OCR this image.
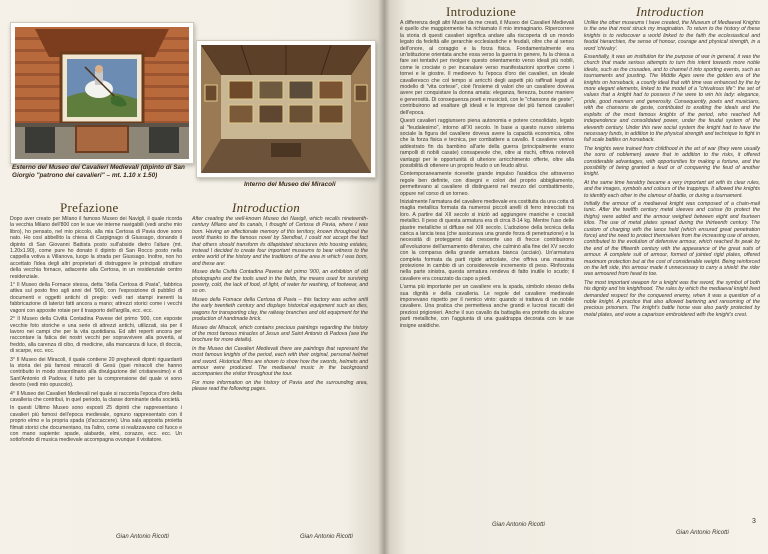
Esterno del Museo dei Cavalieri Medievali (dipinto di San Giorgio "patrono dei cavalieri" – mt. 1.10 x 1.50)
Interno del Museo dei Miracoli
Prefazione	Introduction

Dopo aver creato per Milano il famoso Museo dei Navigli, il quale ricorda la vecchia Milano dell'800 con le sue vie interne navigabili (vedi anche mio libro), ho pensato, nel mio piccolo, alla mia Certosa di Pavia dove sono nato. Ho così abbellito la chiesa di Carpignago di Giussago, donando il dipinto di San Giovanni Battista posto sull'abside dietro l'altare (mt. 1.20x1.90), come pure ho donato il dipinto di San Rocco posto nella cappella votiva a Villanova, luogo la strada per Giussago. Inoltre, non ho accettato l'idea degli altri proprietari di distruggere le principali strutture della vecchia fornace, adiacente alla Certosa, in un residenziale centro residenziale.

1° Il Museo della Fornace stessa, detta "della Certosa di Pavia", fabbrica attiva sul posto fino agli anni del '900, con l'esposizione di pubblici di documenti e oggetti antichi di pregio: vedi rari stampi inerenti la fabbricazione di laterizi fatti ancora a mano; attrezzi storici come i vecchi vagoni con apposite rotaie per il trasporto dell'argilla, ecc. ecc.

2° Il Museo della Civiltà Contadina Pavese del primo '900, con esposte vecchie foto storiche e una serie di attrezzi antichi, utilizzati, sia per il lavoro nei campi che per la vita quotidiana. Ed altri reperti ancora per raccontare la fatica dei nostri vecchi per sopravvivere alla povertà, al freddo, alla carenza di cibo, di medicine, alla mancanza di luce, di doccia, di scarpe, ecc. ecc.

3° Il Museo dei Miracoli, il quale contiene 20 preghevoli dipinti riguardanti la storia dei più famosi miracoli di Gesù (quei miracoli che hanno contribuito in modo straordinario alla divulgazione del cristianesimo) e di Sant'Antonio di Padova; il tutto per la comprensione del quale vi sono devoto (vedi mio opuscolo).

4° Il Museo dei Cavalieri Medievali nel quale si racconta l'epoca d'oro della cavalleria che contribuì, in quel periodo, la classe dominante della società.

In questi Ultimo Museo sono esposti 25 dipinti che rappresentano i cavalieri più famosi dell'epoca medievale, ognuno rappresentato con il proprio elmo e la propria spada (d'accaccere). Una sala apposita proietta filmati storici che documentano, tra l'altro, come si realizzavano col fuoco e con mano sapiente: spade, alabarde, elmi, corazze, ecc. ecc. Un sottofondo di musica medievale accompagna ovunque il visitatore.

Gian Antonio Ricotti

After creating the well-known Museo dei Navigli, which recalls nineteenth-century Milano and its canals, I thought of Certosa di Pavia, where I was born. Having an affectionate memory of this territory, known throughout the world thanks to the famous novel by Stendhal, I could not accept the fact that others should transform its dilapidated structures into housing estates, instead I decided to create four important museums to bear witness to the entire world of the history and the traditions of the area in which I was born, and these are:

Museo della Civiltà Contadina Pavese del primo '900, an exhibition of old photographs and the tools used in the fields, the means used for surviving poverty, cold, the lack of food, of light, of water for washing, of footwear, and so on.

Museo della Fornace della Certosa di Pavia – this factory was active until the early twentieth century and displays historical equipment such as dies, wagons for transporting clay, the railway branches and old equipment for the production of handmade brick.

Museo dei Miracoli, which contains precious paintings regarding the history of the most famous miracles of Jesus and Saint Antonio di Padova (see the brochure for more details).

In the Museo dei Cavalieri Medievali there are paintings that represent the most famous knights of the period, each with their original, personal helmet and sword. Historical films are shown to show how the swords, helmets and armour were produced. The mediaeval music in the background accompanies the visitor throughout the tour.

For more information on the history of Pavia and the surrounding area, please read the following pages.

Gian Antonio Ricotti
Introduzione	Introduction

A differenza degli altri Musei da me creati, il Museo dei Cavalieri Medievali è quello che maggiormente ha richiamato il mio immaginario. Ripercorrere la storia di questi cavalieri significa andare alla riscoperta di un mondo legato da fedeltà alle gerarchie ecclesiastiche e feudali, oltre che al senso dell'onore, al coraggio e la forza fisica. Fondamentalmente era un'istituzione orientata anche essa verso la guerra in genere, fu la chiesa a fare sei tentativi per rivolgere questo orientamento verso ideali più nobili, come le crociate o per incanalare verso manifestazioni sportive come i tornei e le giostre. Il medioevo fu l'epoca d'oro dei cavalieri, un ideale cavalleresco che col tempo si arricchì degli aspetti più raffinati legati al modello di "vita cortese", cioè l'insieme di valori che un cavaliere doveva avere per conquistare la donna amata: eleganza, fierezza, buone maniere e generosità. Di conseguenza poeti e musicisti, con le "chansons de geste", contribuirono ad esaltare gli ideali e le imprese dei più famosi cavalieri dell'epoca.

Questi cavalieri raggiunsero piena autonomia e potere consolidato, legato al "feudalesimo", intorno all'XI secolo. In base a questo nuovo sistema sociale la figura del cavaliere doveva avere la capacità economica, oltre che la forza fisica e tecnica, per combattere a cavallo. Il cavaliere veniva addestrato fin da bambino all'arte della guerra (principalmente erano rampolli di nobili casate) consapevole che, oltre ai rischi, offriva notevoli vantaggi per le opportunità di ulteriore arricchimento offerte, oltre alla possibilità di ottenere un proprio feudo o un feudo altrui.

Contemporaneamente ricevette grande impulso l'araldica che attraverso regole ben definite, con disegni e colori del proprio abbigliamento, permettevano al cavaliere di distinguersi nel mezzo del combattimento, oppure nel corso di un torneo.

Inizialmente l'armatura del cavaliere medievale era costituita da una cotta di maglia metallica formata da numerosi piccoli anelli di ferro intrecciati tra loro. A partire dal XII secolo si iniziò ad aggiungere maniche e cosciali metallici. Il peso di questa armatura era di circa 8-14 kg. Mentre l'uso delle piastre metalliche si diffuse nel XIII secolo. L'adozione della tecnica della carica a lancia tesa (che assicurava una grande forza di penetrazione) e la necessità di proteggersi dal crescente uso di frecce contribuirono all'evoluzione dell'armamento difensivo, che culminò alla fine del XV secolo con la comparsa della grande armatura bianca (acciaio). Un'armatura completa formata da parti rigide articolate, che offriva una massima protezione in cambio di un considerevole incremento di peso. Rinforzata nella parte sinistra, questa armatura rendeva di fatto inutile lo scudo; il cavaliere era corazzato da capo a piedi.

L'arma più importante per un cavaliere era la spada, simbolo stesso della sua dignità e della cavalleria. Le regole del cavaliere medievale imponevano rispetto per il nemico vinto: quando si trattava di un nobile cavaliere. Una pratica che permetteva anche grandi e lucrosi riscatti dei preziosi prigionieri. Anche il suo cavallo da battaglia era protetto da alcune parti metalliche, con l'aggiunta di una gualdrappa decorata con le sue insigne araldiche.

Gian Antonio Ricotti

Unlike the other museums I have created, the Museum of Mediaeval Knights is the one that most struck my imagination. To return to the history of these knights is to rediscover a world linked to the faith the ecclesiastical and feudal hierarchies, the sense of honour, courage and physical strength, in a word 'chivalry'.

Essentially, it was an institution for the purpose of war in general, it was the church that made serious attempts to turn this intent towards more noble ideals, such as the crusades, and to channel it into sporting events, such as tournaments and jousting. The Middle Ages were the golden era of the knights on horseback, a courtly ideal that with time was enhanced by the by more elegant elements, linked to the model of a "chivalrous life": the set of values that a knight had to possess if he were to win his lady: elegance, pride, good manners and generosity. Consequently, poets and musicians, with the chansons de geste, contributed to exalting the ideals and the exploits of the most famous knights of the period, who reached full independence and consolidated power, under the feudal system of the eleventh century. Under this new social system the knight had to have the necessary funds, in addition to the physical strength and technique to fight in full scale battles on horseback.

The knights were trained from childhood in the art of war (they were usually the sons of noblemen) aware that in addition to the risks, it offered considerable advantages, with opportunities for making a fortune, and the possibility of being granted a feud or of conquering the feud of another knight.

At the same time heraldry became a very important art with its clear rules, and the images, symbols and colours of the trappings. It allowed the knights to identify each other in the clamour of battle, or during a tournament.

Initially the armour of a mediaeval knight was composed of a chain-mail tunic. After the twelfth century metal sleeves and cuisse (to protect the thighs) were added and the armour weighed between eight and fourteen kilos. The use of metal plates spread during the thirteenth century. The custom of charging with the lance held (which ensured great penetration force) and the need to protect themselves from the increasing use of arrows, contributed to the evolution of defensive armour, which reached its peak by the end of the fifteenth century with the appearance of the great suits of armour. A complete suit of armour, formed of jointed rigid plates, offered maximum protection but at the cost of considerable weight. Being reinforced on the left side, this armour made it unnecessary to carry a shield: the rider was armoured from head to toe.

The most important weapon for a knight was the sword, the symbol of both his dignity and his knighthood. The rules by which the mediaeval knight lived demanded respect for the conquered enemy, when it was a question of a noble knight. A practice that also allowed bartering and ransoming of the precious prisoners. The knight's battle horse was also partly protected by metal plates, and wore a caparison embroidered with the knight's crest.

Gian Antonio Ricotti
3
